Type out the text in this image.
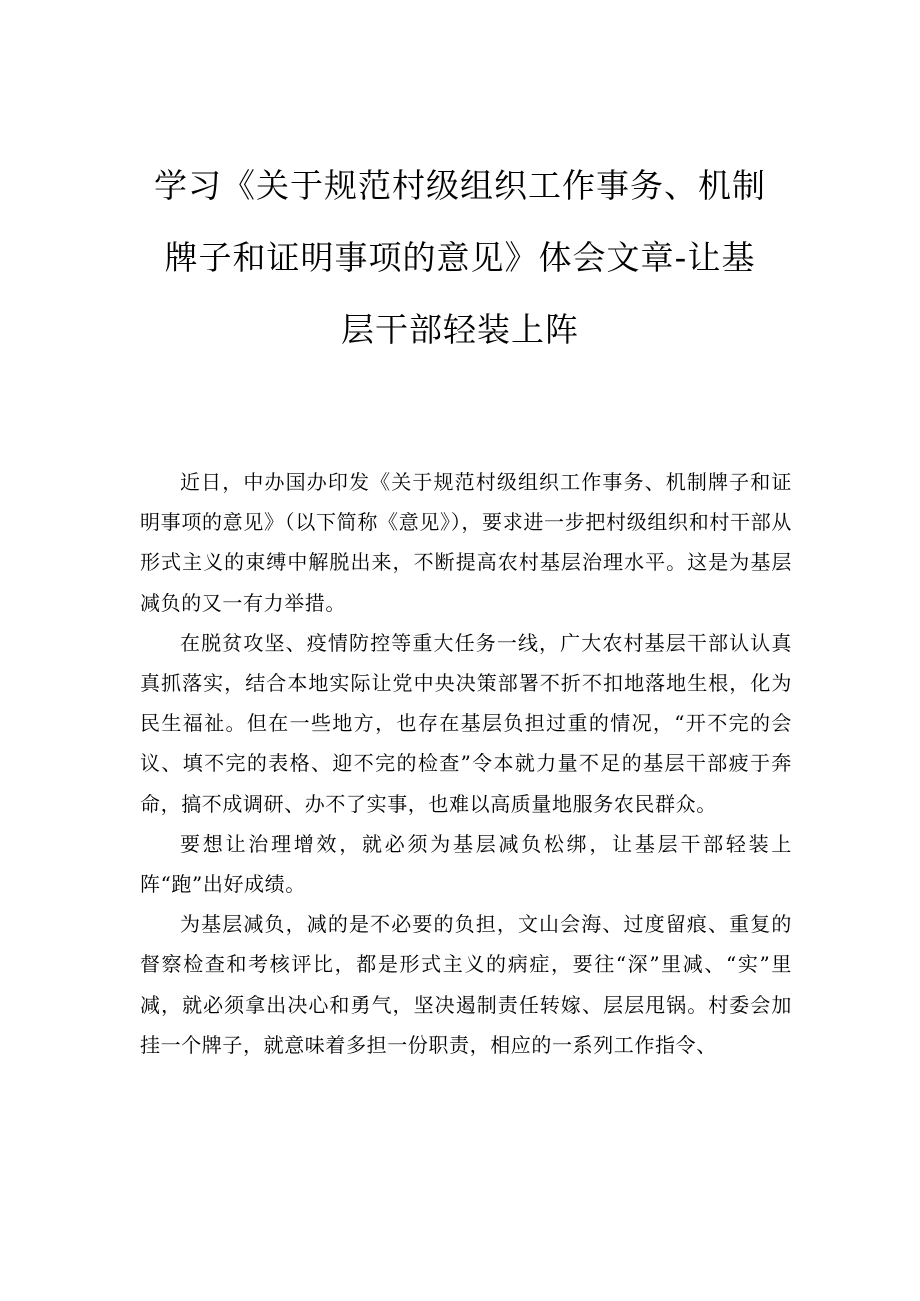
学习《关于规范村级组织工作事务、机制
牌子和证明事项的意见》体会文章-让基
层干部轻装上阵

近日，中办国办印发《关于规范村级组织工作事务、机制牌子和证明事项的意见》（以下简称《意见》），要求进一步把村级组织和村干部从形式主义的束缚中解脱出来，不断提高农村基层治理水平。这是为基层减负的又一有力举措。

在脱贫攻坚、疫情防控等重大任务一线，广大农村基层干部认认真真抓落实，结合本地实际让党中央决策部署不折不扣地落地生根，化为民生福祉。但在一些地方，也存在基层负担过重的情况，“开不完的会议、填不完的表格、迎不完的检查”令本就力量不足的基层干部疲于奔命，搞不成调研、办不了实事，也难以高质量地服务农民群众。

要想让治理增效，就必须为基层减负松绑，让基层干部轻装上阵“跑”出好成绩。

为基层减负，减的是不必要的负担，文山会海、过度留痕、重复的督察检查和考核评比，都是形式主义的病症，要往“深”里减、“实”里减，就必须拿出决心和勇气，坚决遏制责任转嫁、层层甩锅。村委会加挂一个牌子，就意味着多担一份职责，相应的一系列工作指令、
